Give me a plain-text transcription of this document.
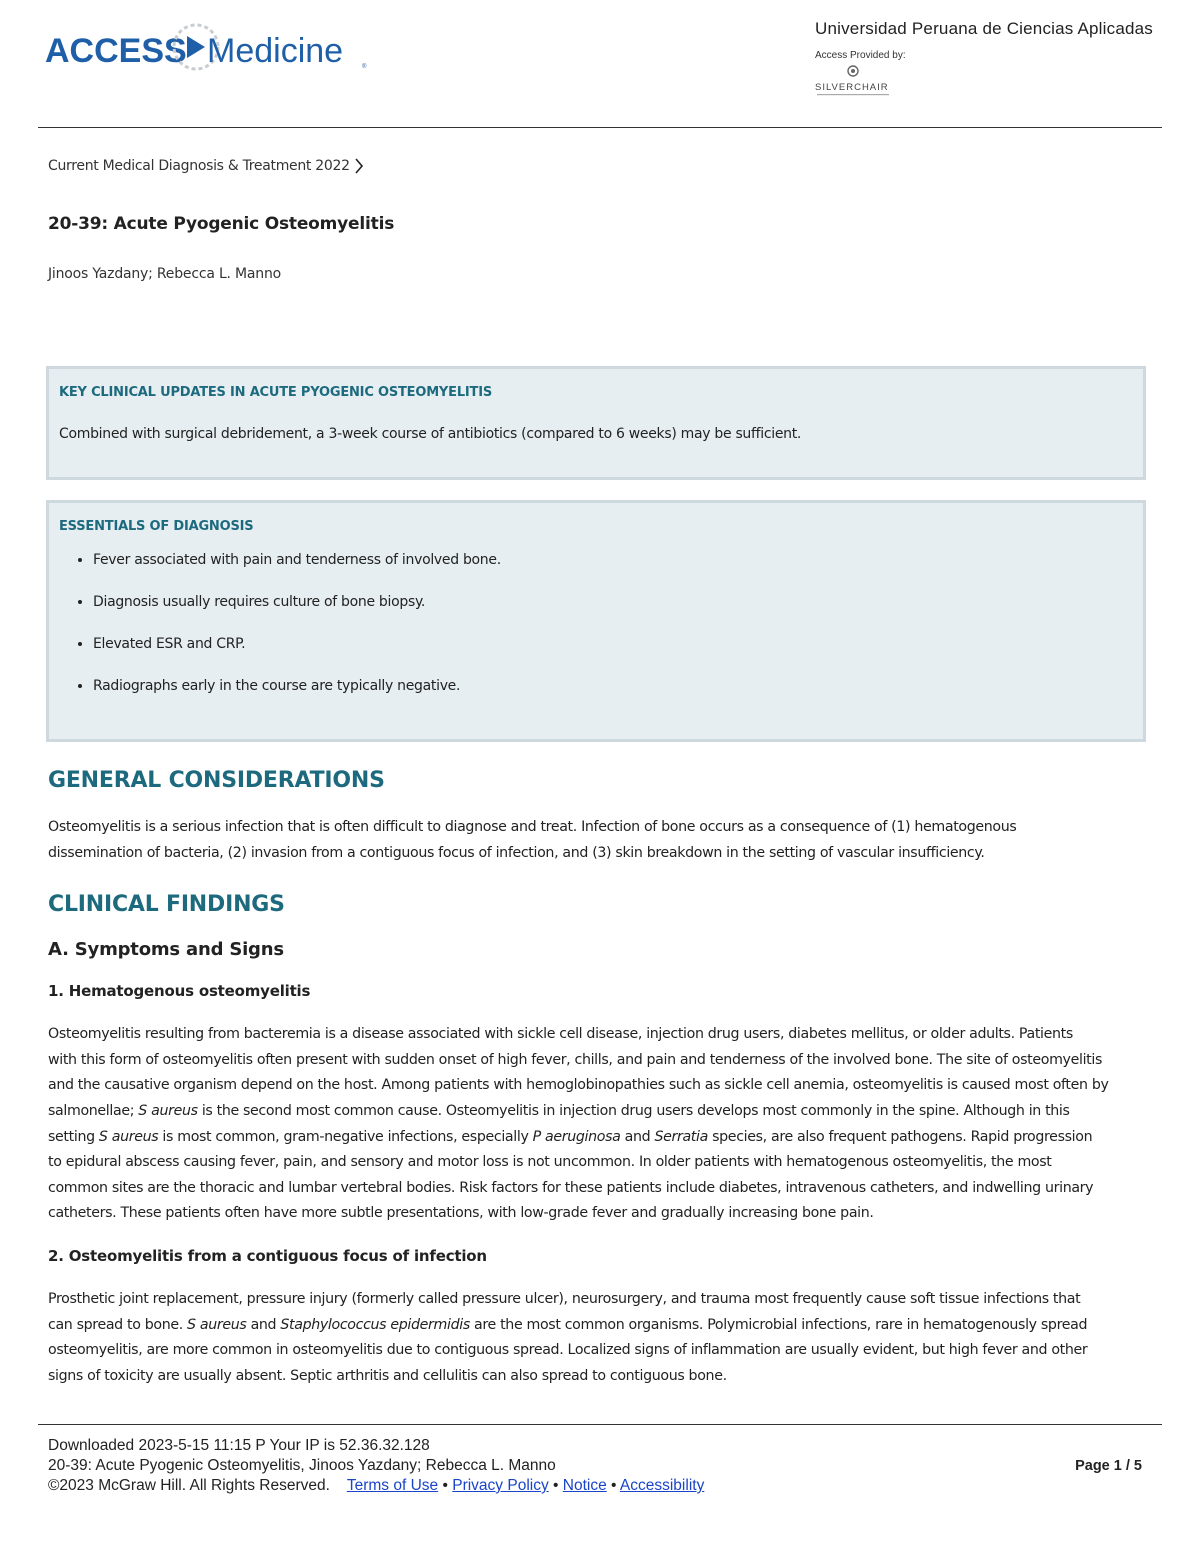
ACCESS Medicine	®
Universidad Peruana de Ciencias Aplicadas
Access Provided by:
SILVERCHAIR
Current Medical Diagnosis & Treatment 2022
20-39: Acute Pyogenic Osteomyelitis
Jinoos Yazdany; Rebecca L. Manno
KEY CLINICAL UPDATES IN ACUTE PYOGENIC OSTEOMYELITIS

Combined with surgical debridement, a 3-week course of antibiotics (compared to 6 weeks) may be sufficient.

ESSENTIALS OF DIAGNOSIS
• Fever associated with pain and tenderness of involved bone.
• Diagnosis usually requires culture of bone biopsy.
• Elevated ESR and CRP.
• Radiographs early in the course are typically negative.
GENERAL CONSIDERATIONS

Osteomyelitis is a serious infection that is often difficult to diagnose and treat. Infection of bone occurs as a consequence of (1) hematogenous

dissemination of bacteria, (2) invasion from a contiguous focus of infection, and (3) skin breakdown in the setting of vascular insufficiency.

CLINICAL FINDINGS
A. Symptoms and Signs
1. Hematogenous osteomyelitis

Osteomyelitis resulting from bacteremia is a disease associated with sickle cell disease, injection drug users, diabetes mellitus, or older adults. Patients

with this form of osteomyelitis often present with sudden onset of high fever, chills, and pain and tenderness of the involved bone. The site of osteomyelitis

and the causative organism depend on the host. Among patients with hemoglobinopathies such as sickle cell anemia, osteomyelitis is caused most often by

salmonellae; S aureus is the second most common cause. Osteomyelitis in injection drug users develops most commonly in the spine. Although in this

setting S aureus is most common, gram-negative infections, especially P aeruginosa and Serratia species, are also frequent pathogens. Rapid progression

to epidural abscess causing fever, pain, and sensory and motor loss is not uncommon. In older patients with hematogenous osteomyelitis, the most

common sites are the thoracic and lumbar vertebral bodies. Risk factors for these patients include diabetes, intravenous catheters, and indwelling urinary

catheters. These patients often have more subtle presentations, with low-grade fever and gradually increasing bone pain.

2. Osteomyelitis from a contiguous focus of infection

Prosthetic joint replacement, pressure injury (formerly called pressure ulcer), neurosurgery, and trauma most frequently cause soft tissue infections that

can spread to bone. S aureus and Staphylococcus epidermidis are the most common organisms. Polymicrobial infections, rare in hematogenously spread

osteomyelitis, are more common in osteomyelitis due to contiguous spread. Localized signs of inflammation are usually evident, but high fever and other

signs of toxicity are usually absent. Septic arthritis and cellulitis can also spread to contiguous bone.

Downloaded 2023-5-15 11:15 P Your IP is 52.36.32.128
20-39: Acute Pyogenic Osteomyelitis, Jinoos Yazdany; Rebecca L. Manno
©2023 McGraw Hill. All Rights Reserved. Terms of Use • Privacy Policy • Notice • Accessibility
Page 1 / 5
